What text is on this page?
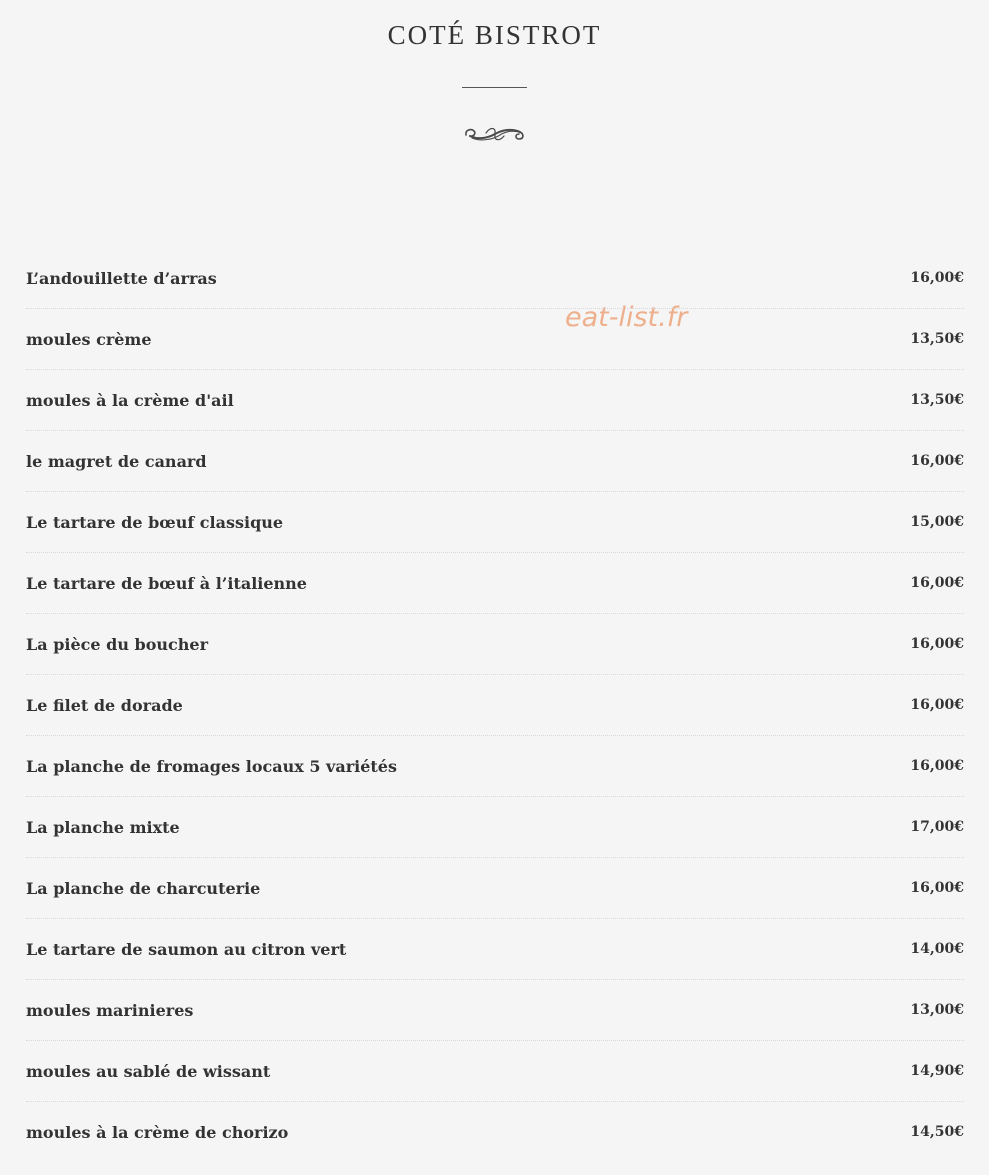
COTÉ BISTROT
eat-list.fr
L’andouillette d’arras	16,00€
moules crème	13,50€
moules à la crème d'ail	13,50€
le magret de canard	16,00€
Le tartare de bœuf classique	15,00€
Le tartare de bœuf à l’italienne	16,00€
La pièce du boucher	16,00€
Le filet de dorade	16,00€
La planche de fromages locaux 5 variétés	16,00€
La planche mixte	17,00€
La planche de charcuterie	16,00€
Le tartare de saumon au citron vert	14,00€
moules marinieres	13,00€
moules au sablé de wissant	14,90€
moules à la crème de chorizo	14,50€
